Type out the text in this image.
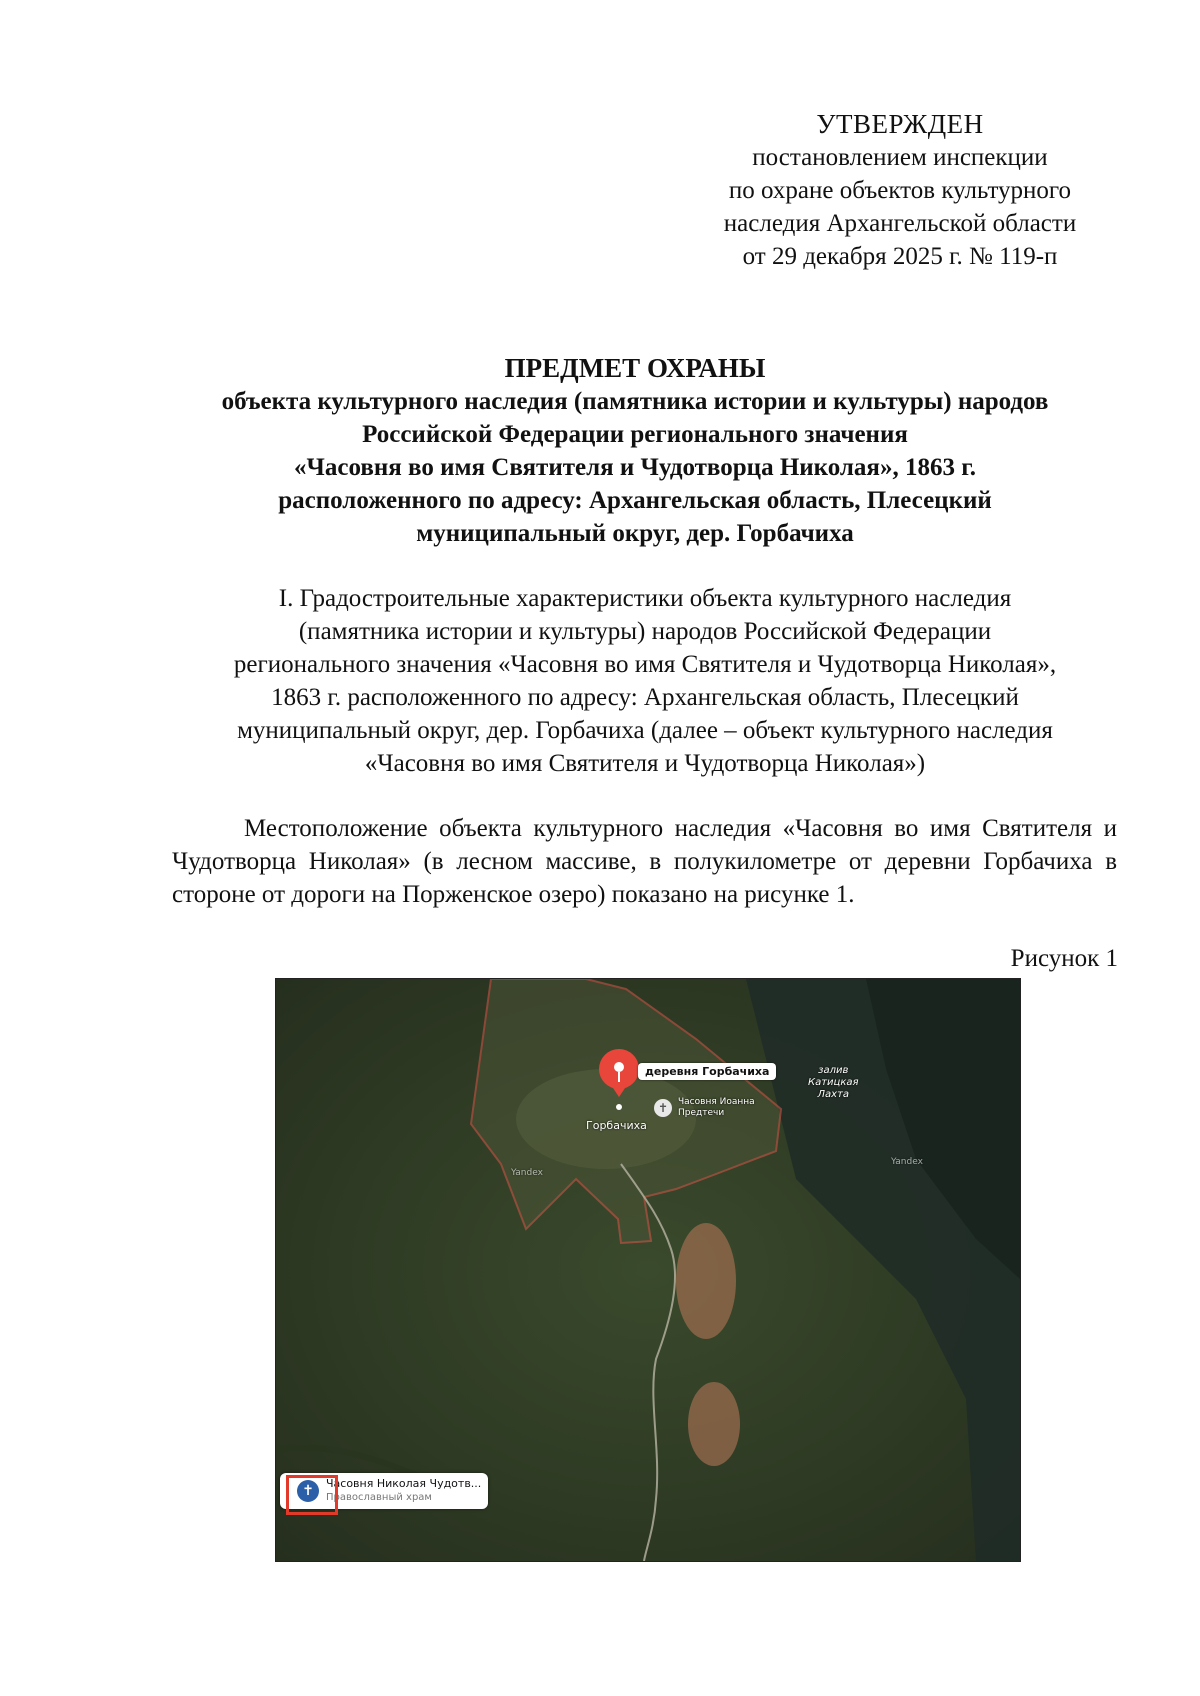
УТВЕРЖДЕН
постановлением инспекции
по охране объектов культурного
наследия Архангельской области
от 29 декабря 2025 г. № 119-п
ПРЕДМЕТ ОХРАНЫ
объекта культурного наследия (памятника истории и культуры) народов
Российской Федерации регионального значения
«Часовня во имя Святителя и Чудотворца Николая», 1863 г.
расположенного по адресу: Архангельская область, Плесецкий
муниципальный округ, дер. Горбачиха
I. Градостроительные характеристики объекта культурного наследия
(памятника истории и культуры) народов Российской Федерации
регионального значения «Часовня во имя Святителя и Чудотворца Николая»,
1863 г. расположенного по адресу: Архангельская область, Плесецкий
муниципальный округ, дер. Горбачиха (далее – объект культурного наследия
«Часовня во имя Святителя и Чудотворца Николая»)
Местоположение объекта культурного наследия «Часовня во имя Святителя и Чудотворца Николая» (в лесном массиве, в полукилометре от деревни Горбачиха в стороне от дороги на Порженское озеро) показано на рисунке 1.
Рисунок 1
деревня Горбачиха
Горбачиха
✝	Часовня Иоанна
Предтечи
залив
Катицкая
Лахта
Yandex
Yandex
✝	Часовня Николая Чудотв...
Православный храм
